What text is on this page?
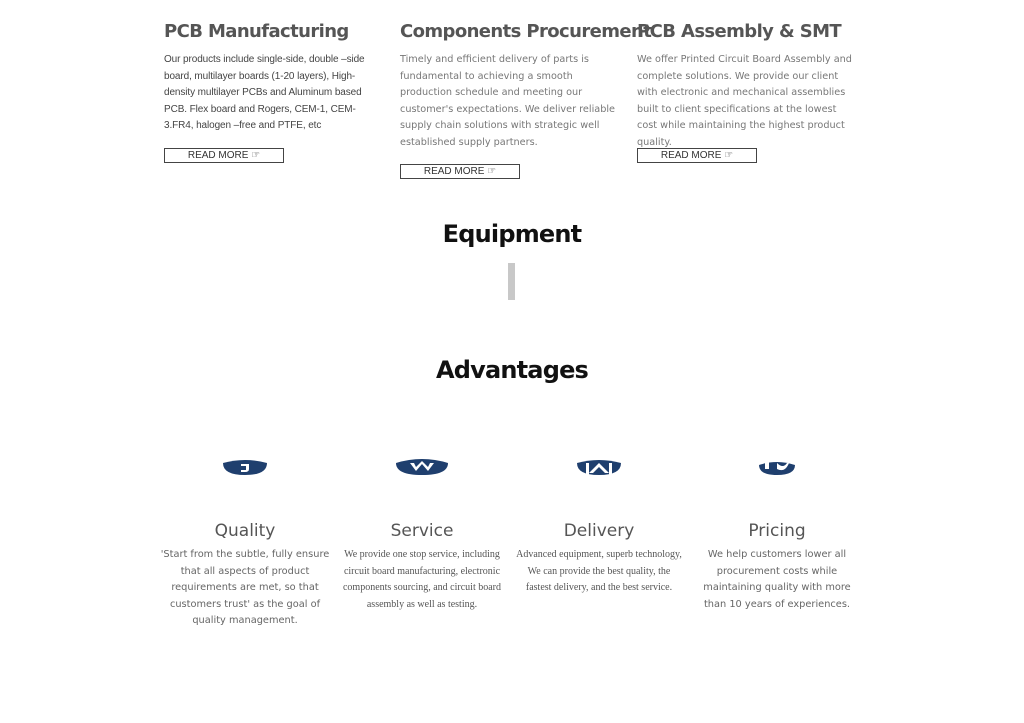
PCB Manufacturing

Our products include single-side, double –side board, multilayer boards (1-20 layers), High-density multilayer PCBs and Aluminum based PCB. Flex board and Rogers, CEM-1, CEM-3.FR4, halogen –free and PTFE, etc

READ MORE ☞
Components Procurement

Timely and efficient delivery of parts is fundamental to achieving a smooth production schedule and meeting our customer's expectations. We deliver reliable supply chain solutions with strategic well established supply partners.

READ MORE ☞
PCB Assembly & SMT

We offer Printed Circuit Board Assembly and complete solutions. We provide our client with electronic and mechanical assemblies built to client specifications at the lowest cost while maintaining the highest product quality.

READ MORE ☞
Equipment
Advantages
Quality

'Start from the subtle, fully ensure that all aspects of product requirements are met, so that customers trust' as the goal of quality management.

Service

We provide one stop service, including circuit board manufacturing, electronic components sourcing, and circuit board assembly as well as testing.

Delivery

Advanced equipment, superb technology,
We can provide the best quality, the fastest delivery, and the best service.

Pricing

We help customers lower all procurement costs while maintaining quality with more than 10 years of experiences.
